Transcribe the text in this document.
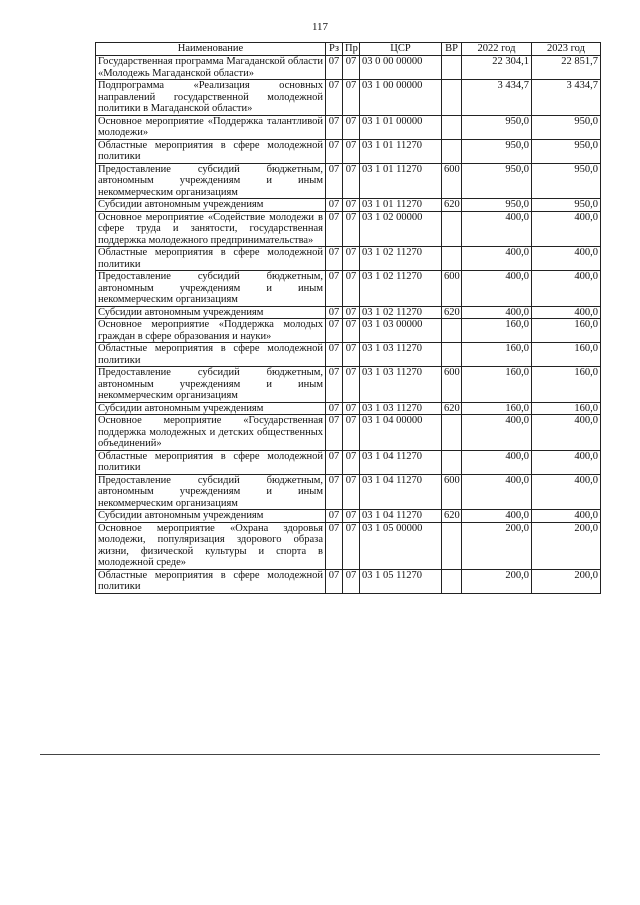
117
Наименование	Рз	Пр	ЦСР	ВР	2022 год	2023 год
Государственная программа Магаданской области «Молодежь Магаданской области»	07	07	03 0 00 00000		22 304,1	22 851,7
Подпрограмма «Реализация основных направлений государственной молодежной политики в Магаданской области»	07	07	03 1 00 00000		3 434,7	3 434,7
Основное мероприятие «Поддержка талантливой молодежи»	07	07	03 1 01 00000		950,0	950,0
Областные мероприятия в сфере молодежной политики	07	07	03 1 01 11270		950,0	950,0
Предоставление субсидий бюджетным, автономным учреждениям и иным некоммерческим организациям	07	07	03 1 01 11270	600	950,0	950,0
Субсидии автономным учреждениям	07	07	03 1 01 11270	620	950,0	950,0
Основное мероприятие «Содействие молодежи в сфере труда и занятости, государственная поддержка молодежного предпринимательства»	07	07	03 1 02 00000		400,0	400,0
Областные мероприятия в сфере молодежной политики	07	07	03 1 02 11270		400,0	400,0
Предоставление субсидий бюджетным, автономным учреждениям и иным некоммерческим организациям	07	07	03 1 02 11270	600	400,0	400,0
Субсидии автономным учреждениям	07	07	03 1 02 11270	620	400,0	400,0
Основное мероприятие «Поддержка молодых граждан в сфере образования и науки»	07	07	03 1 03 00000		160,0	160,0
Областные мероприятия в сфере молодежной политики	07	07	03 1 03 11270		160,0	160,0
Предоставление субсидий бюджетным, автономным учреждениям и иным некоммерческим организациям	07	07	03 1 03 11270	600	160,0	160,0
Субсидии автономным учреждениям	07	07	03 1 03 11270	620	160,0	160,0
Основное мероприятие «Государственная поддержка молодежных и детских общественных объединений»	07	07	03 1 04 00000		400,0	400,0
Областные мероприятия в сфере молодежной политики	07	07	03 1 04 11270		400,0	400,0
Предоставление субсидий бюджетным, автономным учреждениям и иным некоммерческим организациям	07	07	03 1 04 11270	600	400,0	400,0
Субсидии автономным учреждениям	07	07	03 1 04 11270	620	400,0	400,0
Основное мероприятие «Охрана здоровья молодежи, популяризация здорового образа жизни, физической культуры и спорта в молодежной среде»	07	07	03 1 05 00000		200,0	200,0
Областные мероприятия в сфере молодежной политики	07	07	03 1 05 11270		200,0	200,0
